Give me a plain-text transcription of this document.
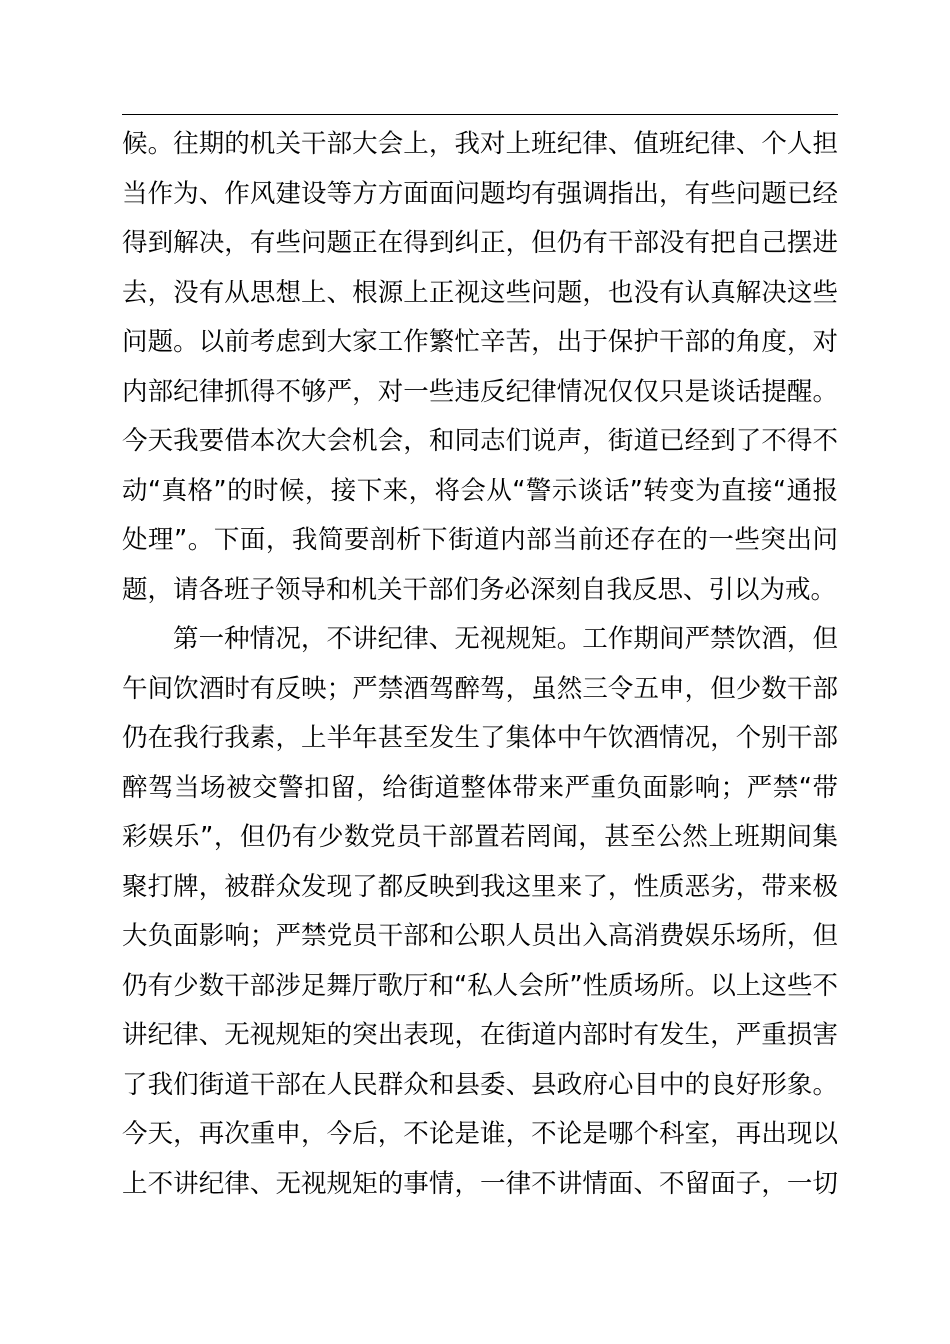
候。往期的机关干部大会上，我对上班纪律、值班纪律、个人担
当作为、作风建设等方方面面问题均有强调指出，有些问题已经
得到解决，有些问题正在得到纠正，但仍有干部没有把自己摆进
去，没有从思想上、根源上正视这些问题，也没有认真解决这些
问题。以前考虑到大家工作繁忙辛苦，出于保护干部的角度，对
内部纪律抓得不够严，对一些违反纪律情况仅仅只是谈话提醒。
今天我要借本次大会机会，和同志们说声，街道已经到了不得不
动“真格”的时候，接下来，将会从“警示谈话”转变为直接“通报
处理”。下面，我简要剖析下街道内部当前还存在的一些突出问
题，请各班子领导和机关干部们务必深刻自我反思、引以为戒。
第一种情况，不讲纪律、无视规矩。工作期间严禁饮酒，但
午间饮酒时有反映；严禁酒驾醉驾，虽然三令五申，但少数干部
仍在我行我素，上半年甚至发生了集体中午饮酒情况，个别干部
醉驾当场被交警扣留，给街道整体带来严重负面影响；严禁“带
彩娱乐”，但仍有少数党员干部置若罔闻，甚至公然上班期间集
聚打牌，被群众发现了都反映到我这里来了，性质恶劣，带来极
大负面影响；严禁党员干部和公职人员出入高消费娱乐场所，但
仍有少数干部涉足舞厅歌厅和“私人会所”性质场所。以上这些不
讲纪律、无视规矩的突出表现，在街道内部时有发生，严重损害
了我们街道干部在人民群众和县委、县政府心目中的良好形象。
今天，再次重申，今后，不论是谁，不论是哪个科室，再出现以
上不讲纪律、无视规矩的事情，一律不讲情面、不留面子，一切
